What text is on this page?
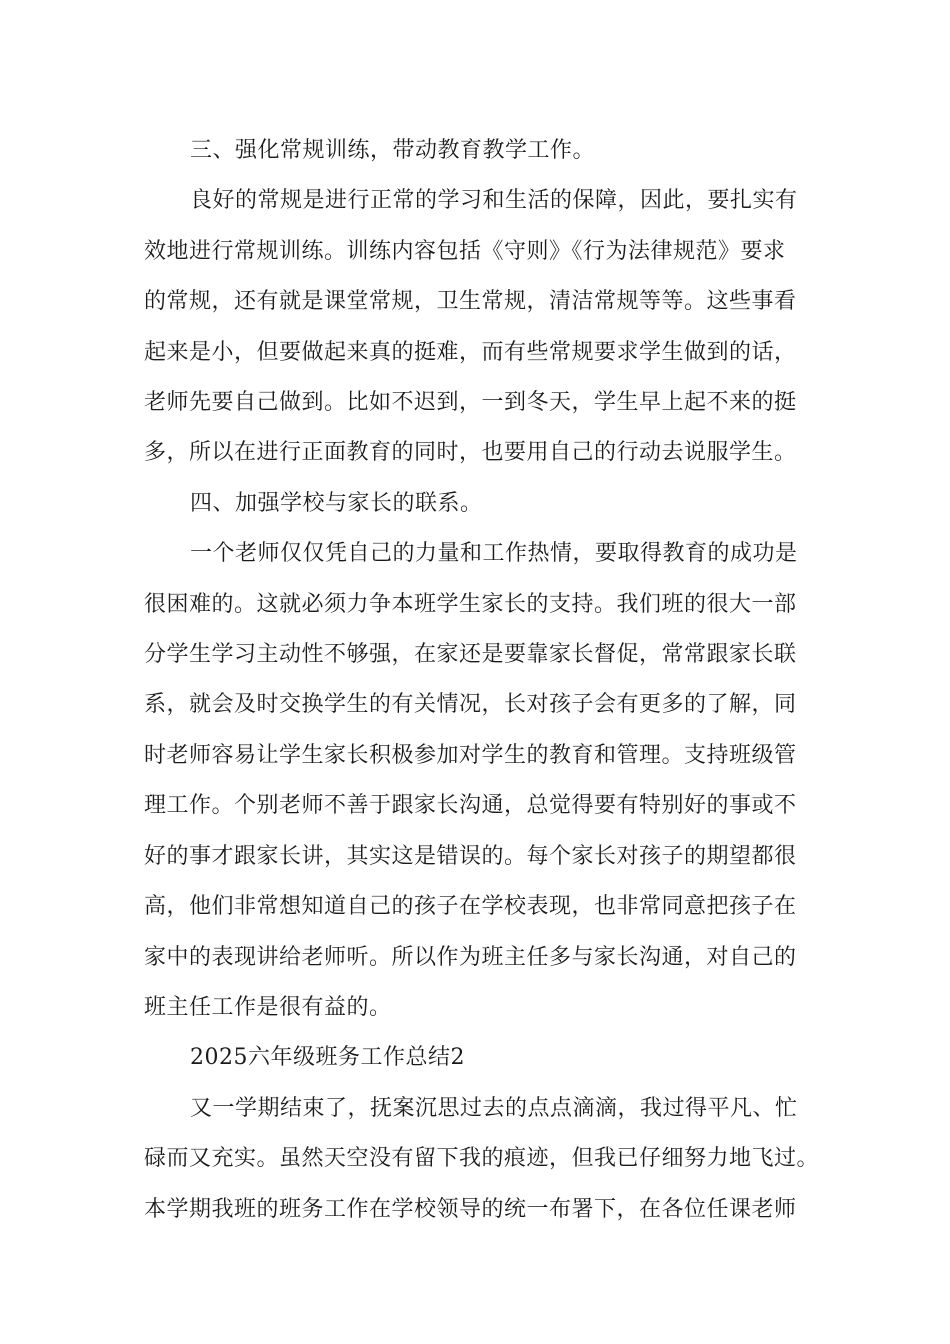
三、强化常规训练，带动教育教学工作。

良好的常规是进行正常的学习和生活的保障，因此，要扎实有
效地进行常规训练。训练内容包括《守则》《行为法律规范》要求
的常规，还有就是课堂常规，卫生常规，清洁常规等等。这些事看
起来是小，但要做起来真的挺难，而有些常规要求学生做到的话，
老师先要自己做到。比如不迟到，一到冬天，学生早上起不来的挺
多，所以在进行正面教育的同时，也要用自己的行动去说服学生。

四、加强学校与家长的联系。

一个老师仅仅凭自己的力量和工作热情，要取得教育的成功是
很困难的。这就必须力争本班学生家长的支持。我们班的很大一部
分学生学习主动性不够强，在家还是要靠家长督促，常常跟家长联
系，就会及时交换学生的有关情况，长对孩子会有更多的了解，同
时老师容易让学生家长积极参加对学生的教育和管理。支持班级管
理工作。个别老师不善于跟家长沟通，总觉得要有特别好的事或不
好的事才跟家长讲，其实这是错误的。每个家长对孩子的期望都很
高，他们非常想知道自己的孩子在学校表现，也非常同意把孩子在
家中的表现讲给老师听。所以作为班主任多与家长沟通，对自己的
班主任工作是很有益的。

2025六年级班务工作总结2

又一学期结束了，抚案沉思过去的点点滴滴，我过得平凡、忙
碌而又充实。虽然天空没有留下我的痕迹，但我已仔细努力地飞过。
本学期我班的班务工作在学校领导的统一布署下，在各位任课老师
